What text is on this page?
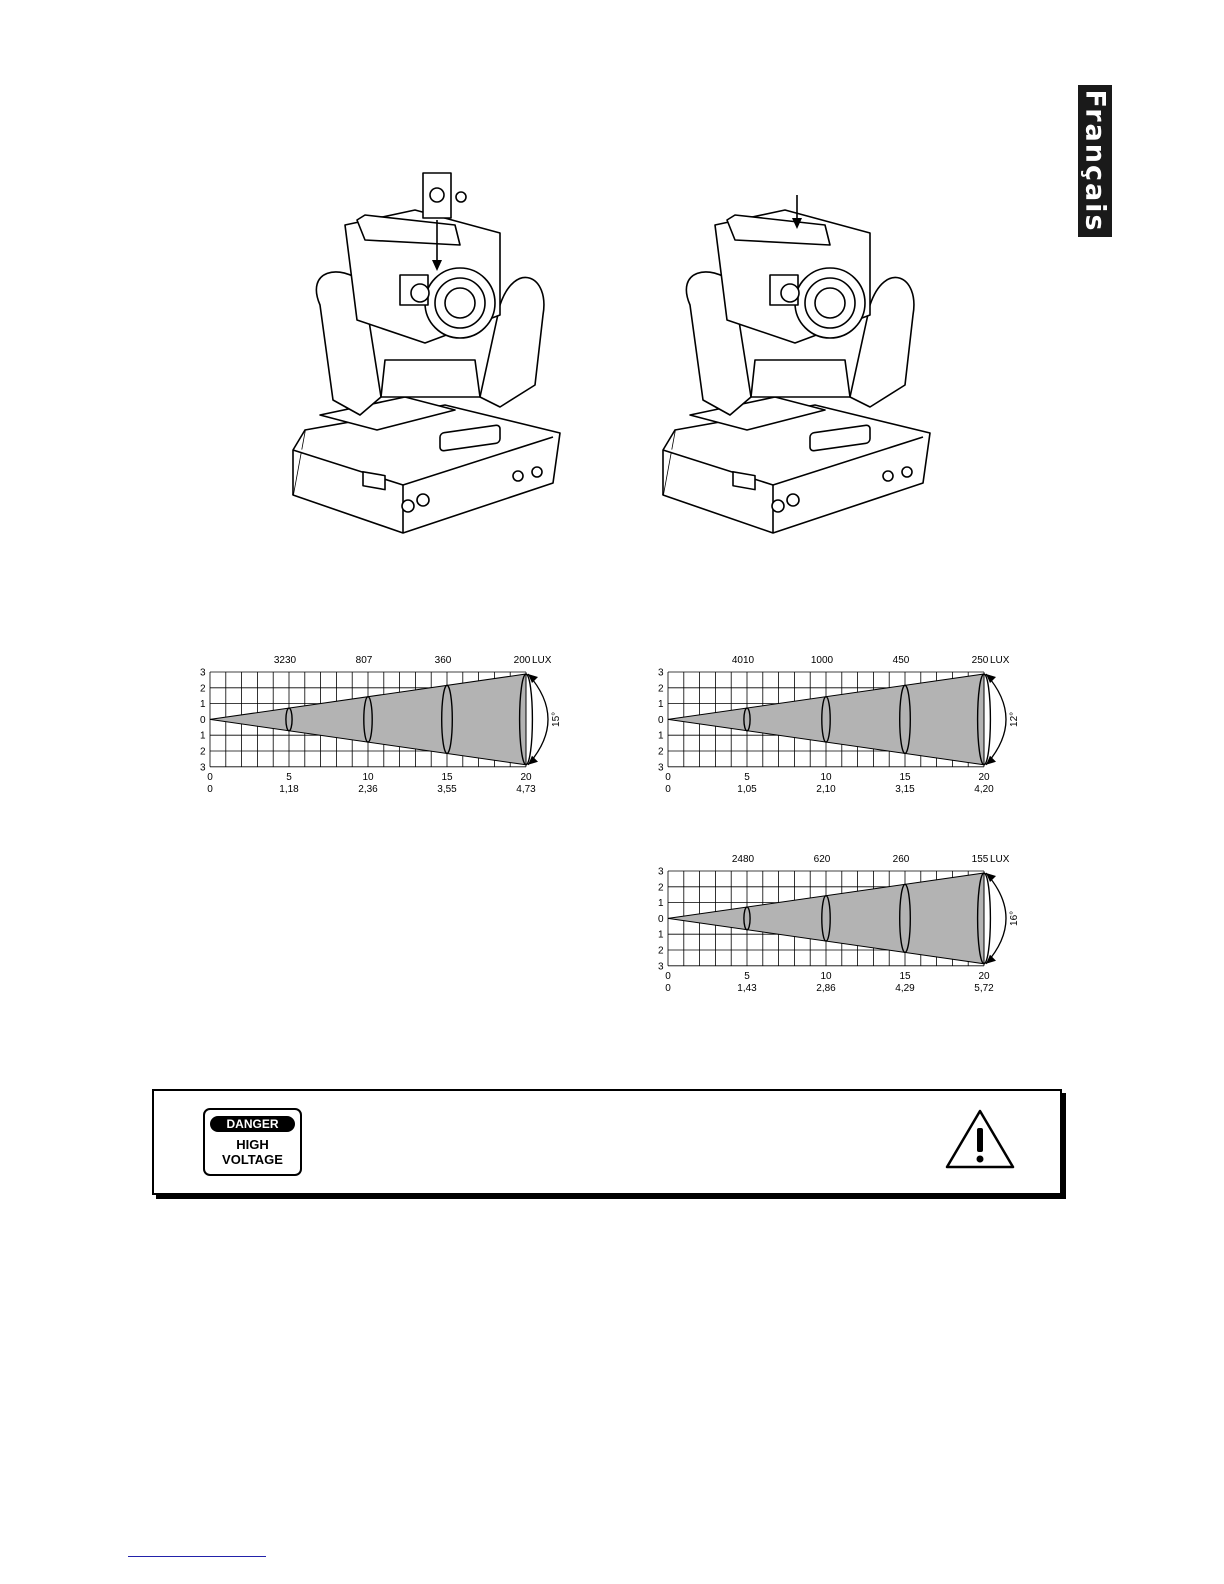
Français
3
2
1
0
1
2
3
0
0
5
1,18
10
2,36
15
3,55
20
4,73
3230	807	360	200 LUX
15°
3
2
1
0
1
2
3
0
0
5
1,05
10
2,10
15
3,15
20
4,20
4010	1000	450	250 LUX
12°
3
2
1
0
1
2
3
0
0
5
1,43
10
2,86
15
4,29
20
5,72
2480	620	260	155 LUX
16°
DANGER
HIGH
VOLTAGE
